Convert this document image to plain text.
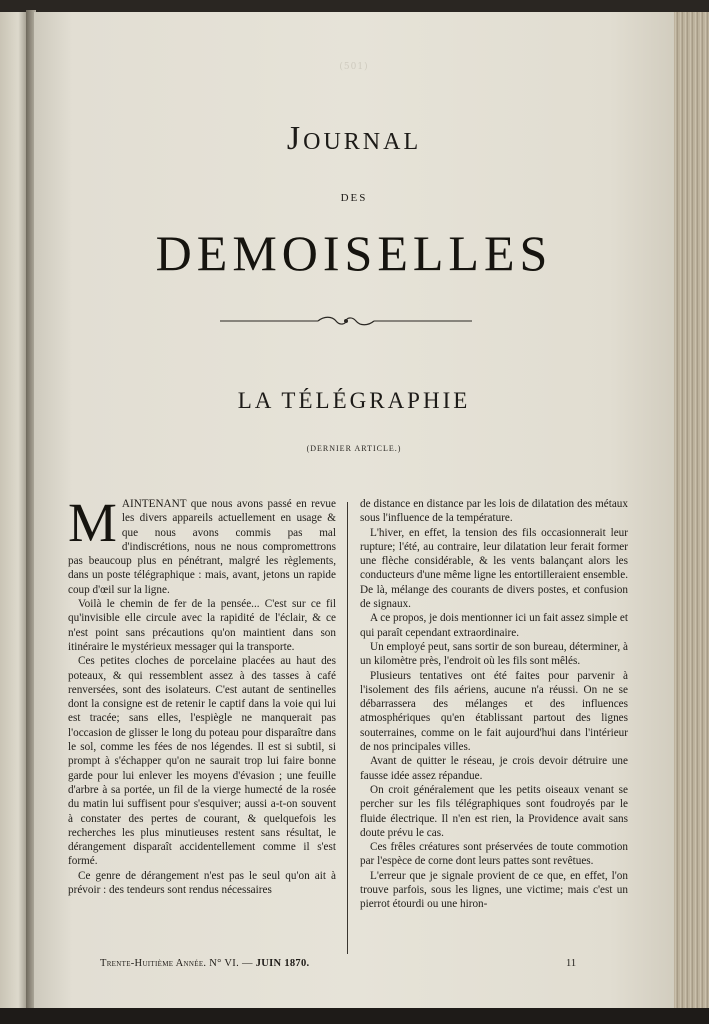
(501)
Journal
DES
DEMOISELLES
LA TÉLÉGRAPHIE
(DERNIER ARTICLE.)
M AINTENANT que nous avons passé en revue les divers appareils actuellement en usage & que nous avons commis pas mal d'indiscrétions, nous ne nous compromettrons pas beaucoup plus en pénétrant, malgré les règlements, dans un poste télégraphique : mais, avant, jetons un rapide coup d'œil sur la ligne.

Voilà le chemin de fer de la pensée... C'est sur ce fil qu'invisible elle circule avec la rapidité de l'éclair, & ce n'est point sans précautions qu'on maintient dans son itinéraire le mystérieux messager qui la transporte.

Ces petites cloches de porcelaine placées au haut des poteaux, & qui ressemblent assez à des tasses à café renversées, sont des isolateurs. C'est autant de sentinelles dont la consigne est de retenir le captif dans la voie qui lui est tracée; sans elles, l'espiègle ne manquerait pas l'occasion de glisser le long du poteau pour disparaître dans le sol, comme les fées de nos légendes. Il est si subtil, si prompt à s'échapper qu'on ne saurait trop lui faire bonne garde pour lui enlever les moyens d'évasion ; une feuille d'arbre à sa portée, un fil de la vierge humecté de la rosée du matin lui suffisent pour s'esquiver; aussi a-t-on souvent à constater des pertes de courant, & quelquefois les recherches les plus minutieuses restent sans résultat, le dérangement disparaît accidentellement comme il s'est formé.

Ce genre de dérangement n'est pas le seul qu'on ait à prévoir : des tendeurs sont rendus nécessaires

de distance en distance par les lois de dilatation des métaux sous l'influence de la température.

L'hiver, en effet, la tension des fils occasionnerait leur rupture; l'été, au contraire, leur dilatation leur ferait former une flèche considérable, & les vents balançant alors les conducteurs d'une même ligne les entortilleraient ensemble. De là, mélange des courants de divers postes, et confusion de signaux.

A ce propos, je dois mentionner ici un fait assez simple et qui paraît cependant extraordinaire.

Un employé peut, sans sortir de son bureau, déterminer, à un kilomètre près, l'endroit où les fils sont mêlés.

Plusieurs tentatives ont été faites pour parvenir à l'isolement des fils aériens, aucune n'a réussi. On ne se débarrassera des mélanges et des influences atmosphériques qu'en établissant partout des lignes souterraines, comme on le fait aujourd'hui dans l'intérieur de nos principales villes.

Avant de quitter le réseau, je crois devoir détruire une fausse idée assez répandue.

On croit généralement que les petits oiseaux venant se percher sur les fils télégraphiques sont foudroyés par le fluide électrique. Il n'en est rien, la Providence avait sans doute prévu le cas.

Ces frêles créatures sont préservées de toute commotion par l'espèce de corne dont leurs pattes sont revêtues.

L'erreur que je signale provient de ce que, en effet, l'on trouve parfois, sous les lignes, une victime; mais c'est un pierrot étourdi ou une hiron-

Trente-Huitième Année. N° VI. — JUIN 1870.	11
